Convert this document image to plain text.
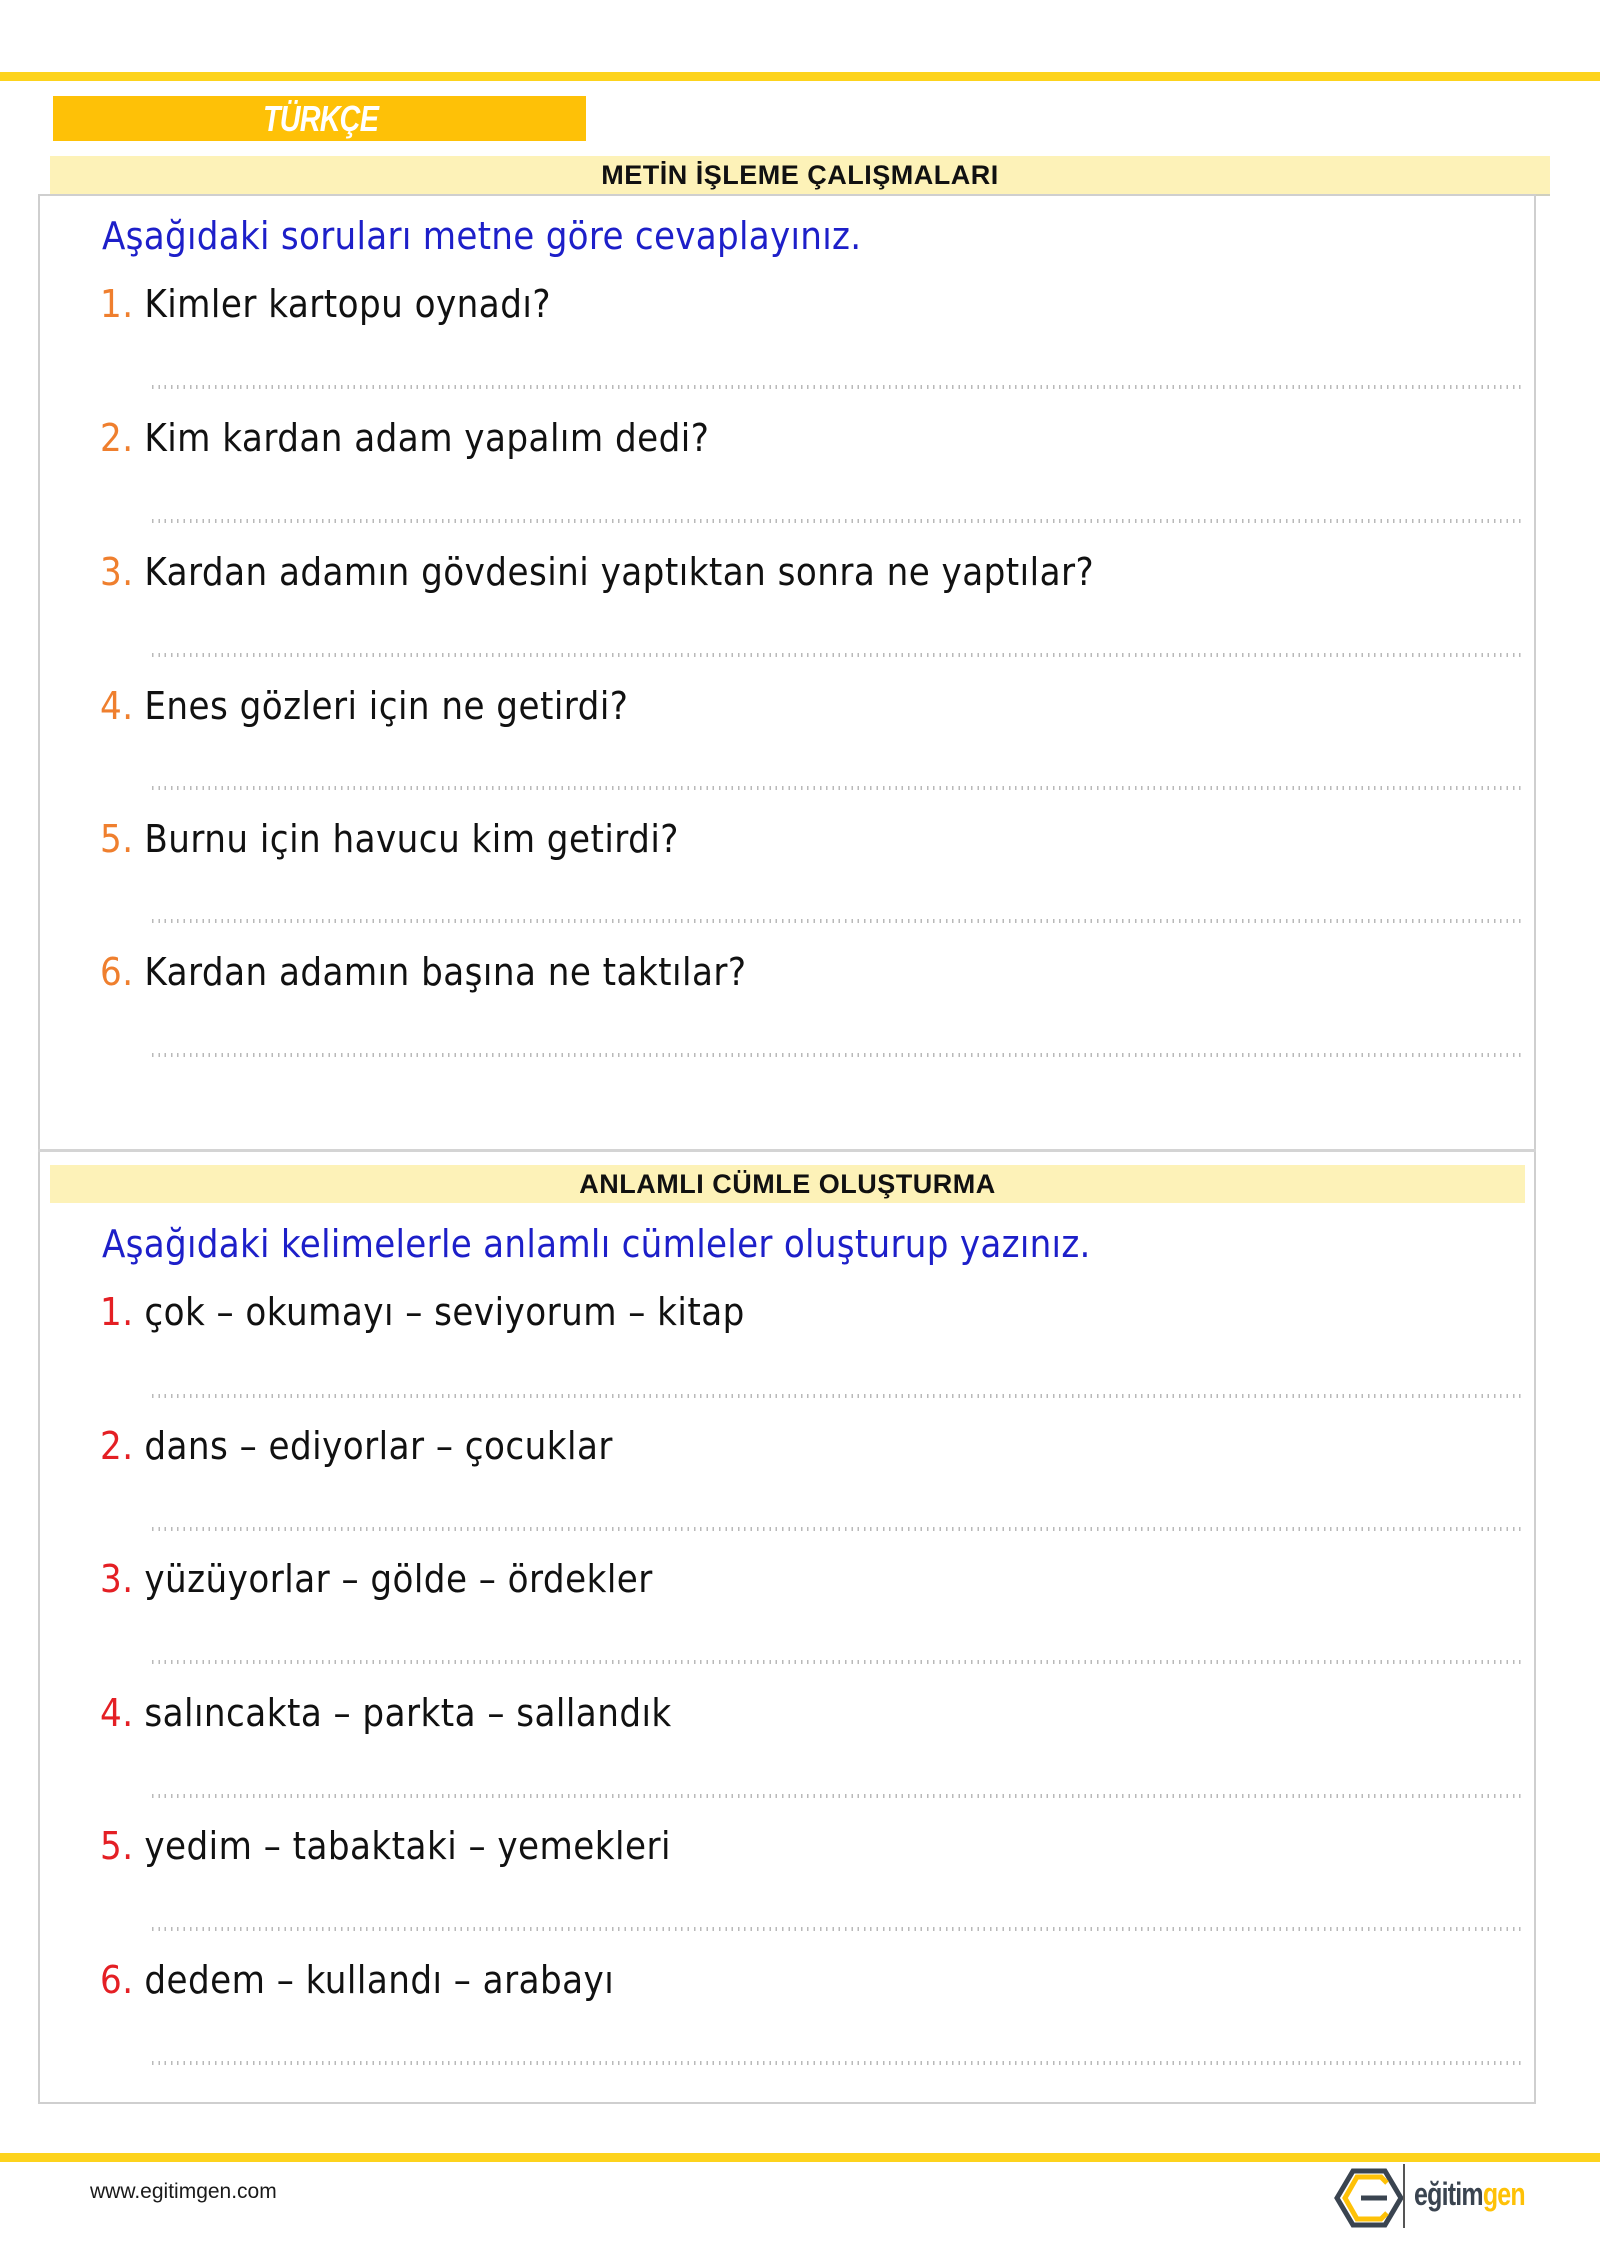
TÜRKÇE
METİN İŞLEME ÇALIŞMALARI
Aşağıdaki soruları metne göre cevaplayınız.
1. Kimler kartopu oynadı?
2. Kim kardan adam yapalım dedi?
3. Kardan adamın gövdesini yaptıktan sonra ne yaptılar?
4. Enes gözleri için ne getirdi?
5. Burnu için havucu kim getirdi?
6. Kardan adamın başına ne taktılar?
ANLAMLI CÜMLE OLUŞTURMA
Aşağıdaki kelimelerle anlamlı cümleler oluşturup yazınız.
1. çok – okumayı – seviyorum – kitap
2. dans – ediyorlar – çocuklar
3. yüzüyorlar – gölde – ördekler
4. salıncakta – parkta – sallandık
5. yedim – tabaktaki – yemekleri
6. dedem – kullandı – arabayı
www.egitimgen.com	eğitimgen
